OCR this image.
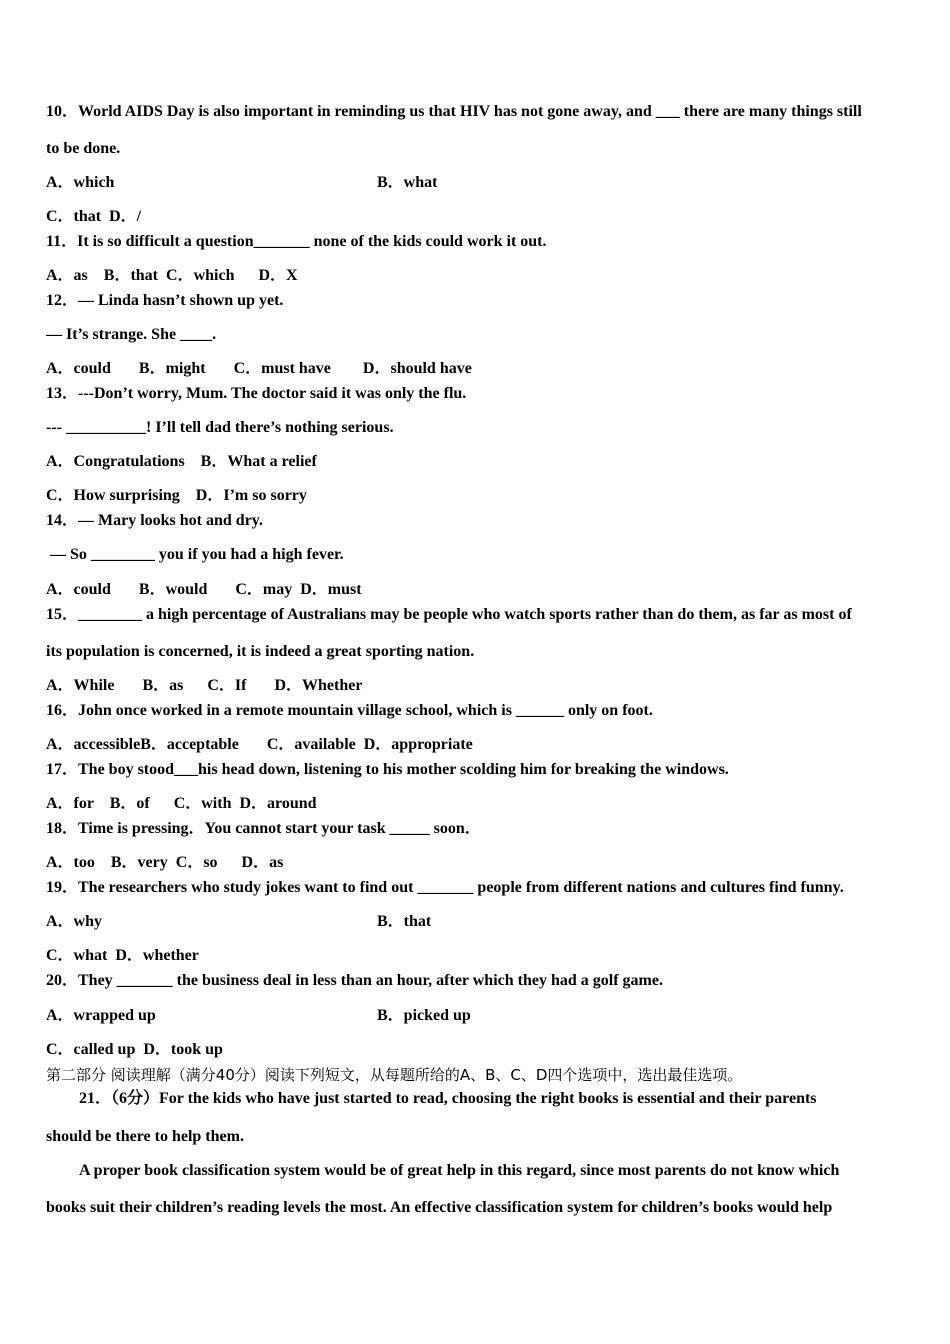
10．World AIDS Day is also important in reminding us that HIV has not gone away, and ___ there are many things still
to be done.
A．which	B．what
C．that  D．/
11．It is so difficult a question_______ none of the kids could work it out.
A．as    B．that  C．which      D．X
12．— Linda hasn’t shown up yet.
— It’s strange. She ____.
A．could       B．might       C．must have        D．should have
13．---Don’t worry, Mum. The doctor said it was only the flu.
--- __________! I’ll tell dad there’s nothing serious.
A．Congratulations    B．What a relief
C．How surprising    D．I’m so sorry
14．— Mary looks hot and dry.
— So ________ you if you had a high fever.
A．could       B．would       C．may  D．must
15．________ a high percentage of Australians may be people who watch sports rather than do them, as far as most of
its population is concerned, it is indeed a great sporting nation.
A．While       B．as      C．If       D．Whether
16．John once worked in a remote mountain village school, which is ______ only on foot.
A．accessibleB．acceptable       C．available  D．appropriate
17．The boy stood___his head down, listening to his mother scolding him for breaking the windows.
A．for    B．of      C．with  D．around
18．Time is pressing．You cannot start your task _____ soon．
A．too    B．very  C．so      D．as
19．The researchers who study jokes want to find out _______ people from different nations and cultures find funny.
A．why	B．that
C．what  D．whether
20．They _______ the business deal in less than an hour, after which they had a golf game.
A．wrapped up	B．picked up
C．called up  D．took up
第二部分 阅读理解（满分40分）阅读下列短文，从每题所给的A、B、C、D四个选项中，选出最佳选项。
21．（6分）For the kids who have just started to read, choosing the right books is essential and their parents
should be there to help them.
A proper book classification system would be of great help in this regard, since most parents do not know which
books suit their children’s reading levels the most. An effective classification system for children’s books would help
